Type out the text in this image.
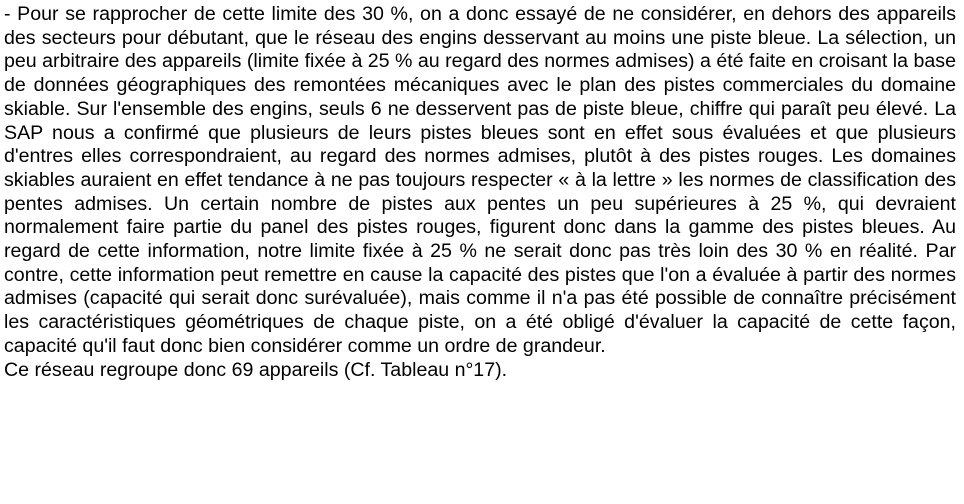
- Pour se rapprocher de cette limite des 30 %, on a donc essayé de ne considérer, en dehors des appareils des secteurs pour débutant, que le réseau des engins desservant au moins une piste bleue. La sélection, un peu arbitraire des appareils (limite fixée à 25 % au regard des normes admises) a été faite en croisant la base de données géographiques des remontées mécaniques avec le plan des pistes commerciales du domaine skiable. Sur l'ensemble des engins, seuls 6 ne desservent pas de piste bleue, chiffre qui paraît peu élevé. La SAP nous a confirmé que plusieurs de leurs pistes bleues sont en effet sous évaluées et que plusieurs d'entres elles correspondraient, au regard des normes admises, plutôt à des pistes rouges. Les domaines skiables auraient en effet tendance à ne pas toujours respecter « à la lettre » les normes de classification des pentes admises. Un certain nombre de pistes aux pentes un peu supérieures à 25 %, qui devraient normalement faire partie du panel des pistes rouges, figurent donc dans la gamme des pistes bleues. Au regard de cette information, notre limite fixée à 25 % ne serait donc pas très loin des 30 % en réalité. Par contre, cette information peut remettre en cause la capacité des pistes que l'on a évaluée à partir des normes admises (capacité qui serait donc surévaluée), mais comme il n'a pas été possible de connaître précisément les caractéristiques géométriques de chaque piste, on a été obligé d'évaluer la capacité de cette façon, capacité qu'il faut donc bien considérer comme un ordre de grandeur.

Ce réseau regroupe donc 69 appareils (Cf. Tableau n°17).
